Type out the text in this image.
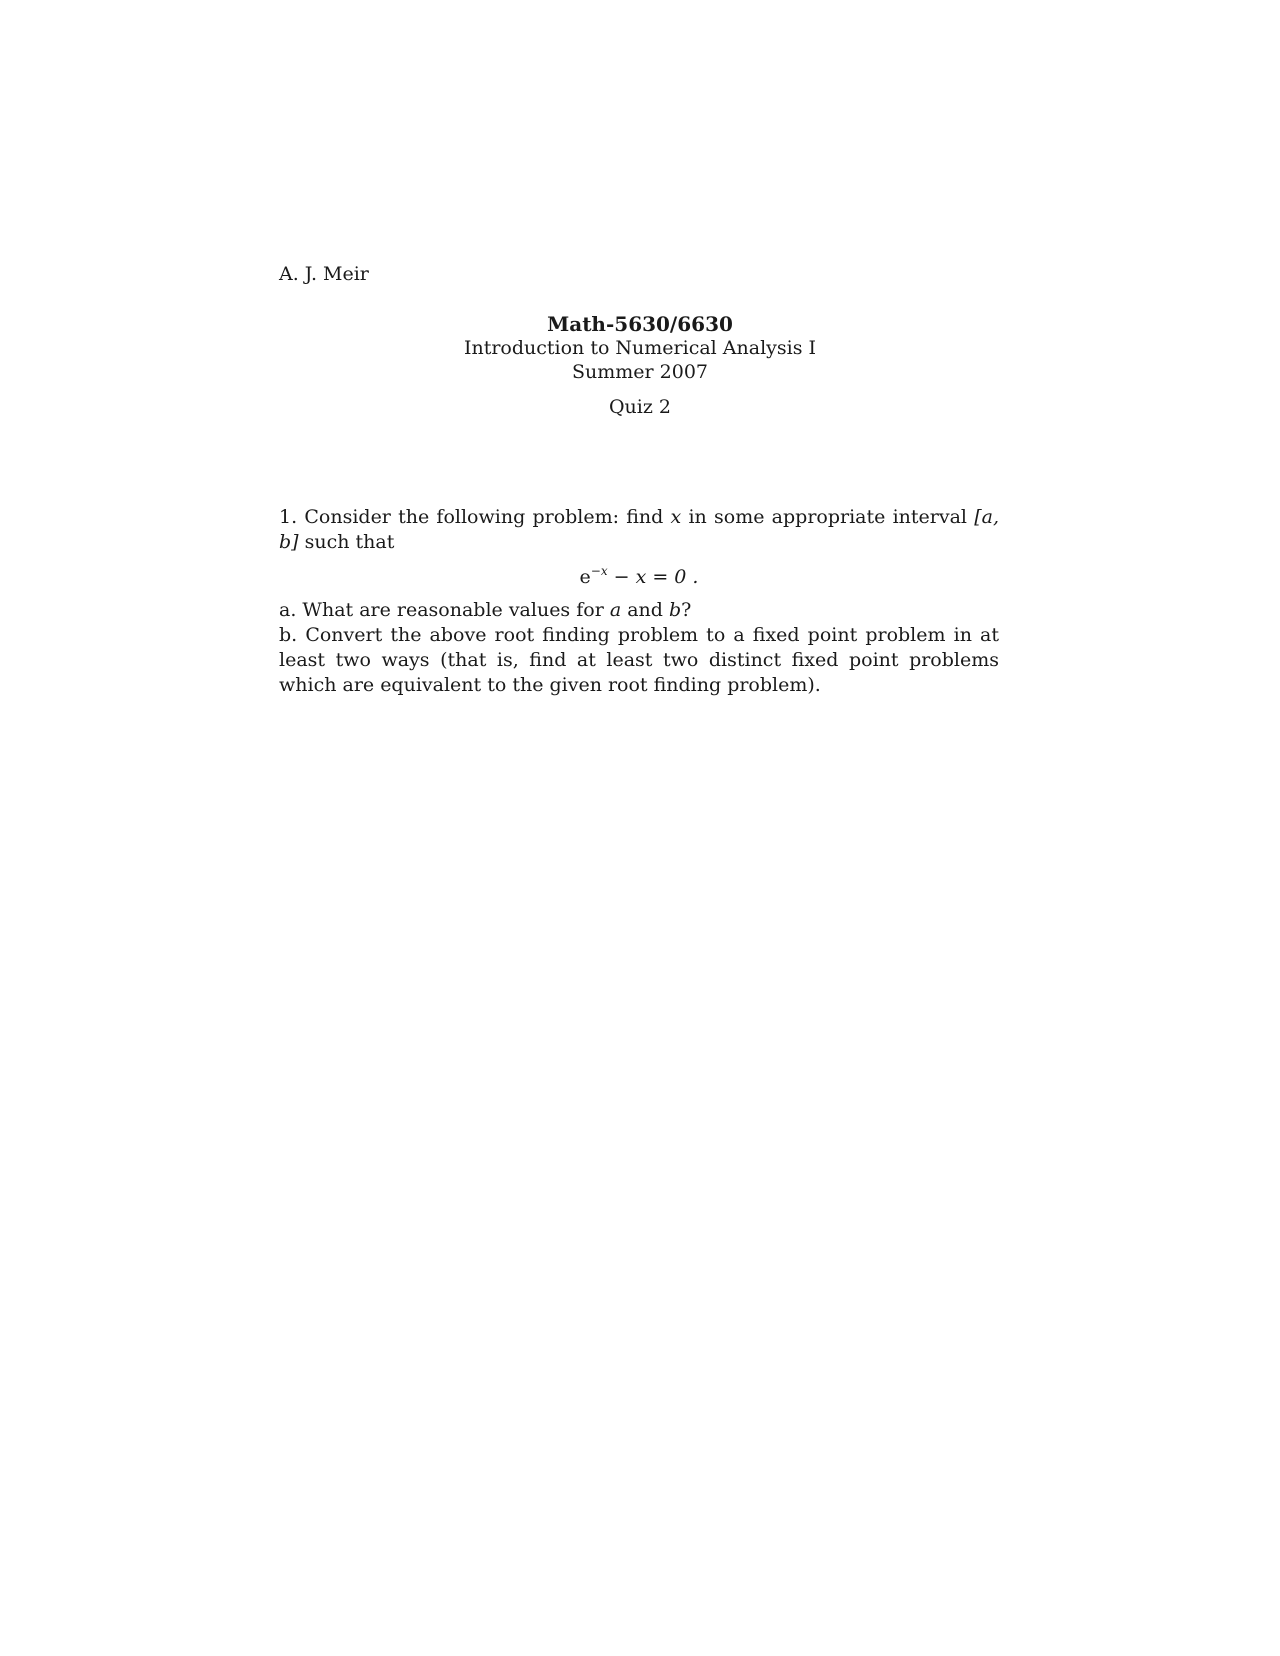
A. J. Meir
Math-5630/6630
Introduction to Numerical Analysis I
Summer 2007
Quiz 2

1. Consider the following problem: find x in some appropriate interval [a, b] such that

$e^{-x} - x = 0$ .

a. What are reasonable values for a and b?

b. Convert the above root finding problem to a fixed point problem in at least two ways (that is, find at least two distinct fixed point problems which are equivalent to the given root finding problem).
